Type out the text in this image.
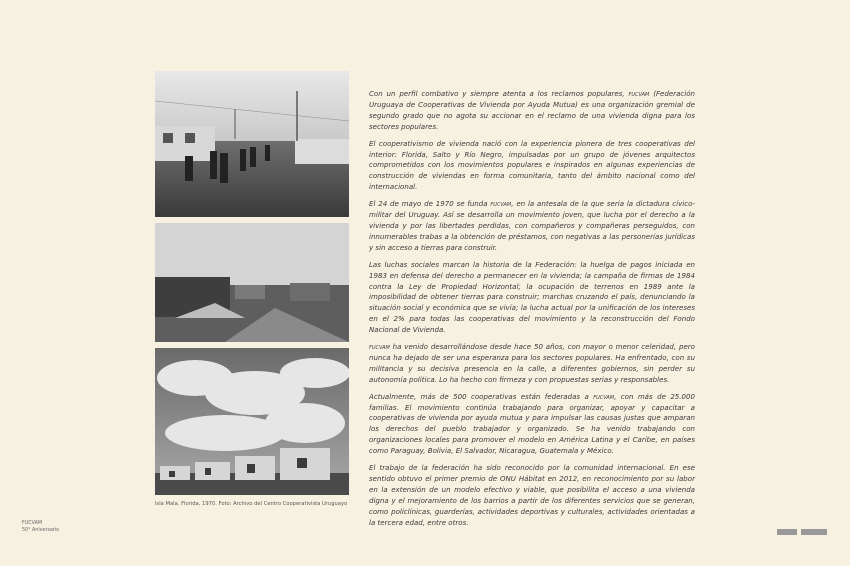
Isla Mala. Florida, 1970. Foto: Archivo del Centro Cooperativista Uruguayo

Con un perfil combativo y siempre atenta a los reclamos populares, fucvam (Federación Uruguaya de Cooperativas de Vivienda por Ayuda Mutua) es una organización gremial de segundo grado que no agota su accionar en el reclamo de una vivienda digna para los sectores populares.

El cooperativismo de vivienda nació con la experiencia pionera de tres cooperativas del interior: Florida, Salto y Río Negro, impulsadas por un grupo de jóvenes arquitectos comprometidos con los movimientos populares e inspirados en algunas experiencias de construcción de viviendas en forma comunitaria, tanto del ámbito nacional como del internacional.

El 24 de mayo de 1970 se funda fucvam, en la antesala de la que sería la dictadura cívico-militar del Uruguay. Así se desarrolla un movimiento joven, que lucha por el derecho a la vivienda y por las libertades perdidas, con compañeros y compañeras perseguidos, con innumerables trabas a la obtención de préstamos, con negativas a las personerías jurídicas y sin acceso a tierras para construir.

Las luchas sociales marcan la historia de la Federación: la huelga de pagos iniciada en 1983 en defensa del derecho a permanecer en la vivienda; la campaña de firmas de 1984 contra la Ley de Propiedad Horizontal; la ocupación de terrenos en 1989 ante la imposibilidad de obtener tierras para construir; marchas cruzando el país, denunciando la situación social y económica que se vivía; la lucha actual por la unificación de los intereses en el 2% para todas las cooperativas del movimiento y la reconstrucción del Fondo Nacional de Vivienda.

fucvam ha venido desarrollándose desde hace 50 años, con mayor o menor celeridad, pero nunca ha dejado de ser una esperanza para los sectores populares. Ha enfrentado, con su militancia y su decisiva presencia en la calle, a diferentes gobiernos, sin perder su autonomía política. Lo ha hecho con firmeza y con propuestas serias y responsables.

Actualmente, más de 500 cooperativas están federadas a fucvam, con más de 25.000 familias. El movimiento continúa trabajando para organizar, apoyar y capacitar a cooperativas de vivienda por ayuda mutua y para impulsar las causas justas que amparan los derechos del pueblo trabajador y organizado. Se ha venido trabajando con organizaciones locales para promover el modelo en América Latina y el Caribe, en países como Paraguay, Bolivia, El Salvador, Nicaragua, Guatemala y México.

El trabajo de la federación ha sido reconocido por la comunidad internacional. En ese sentido obtuvo el primer premio de ONU Hábitat en 2012, en reconocimiento por su labor en la extensión de un modelo efectivo y viable, que posibilita el acceso a una vivienda digna y el mejoramiento de los barrios a partir de los diferentes servicios que se generan, como policlínicas, guarderías, actividades deportivas y culturales, actividades orientadas a la tercera edad, entre otros.

FUCVAM
50° Aniversario
